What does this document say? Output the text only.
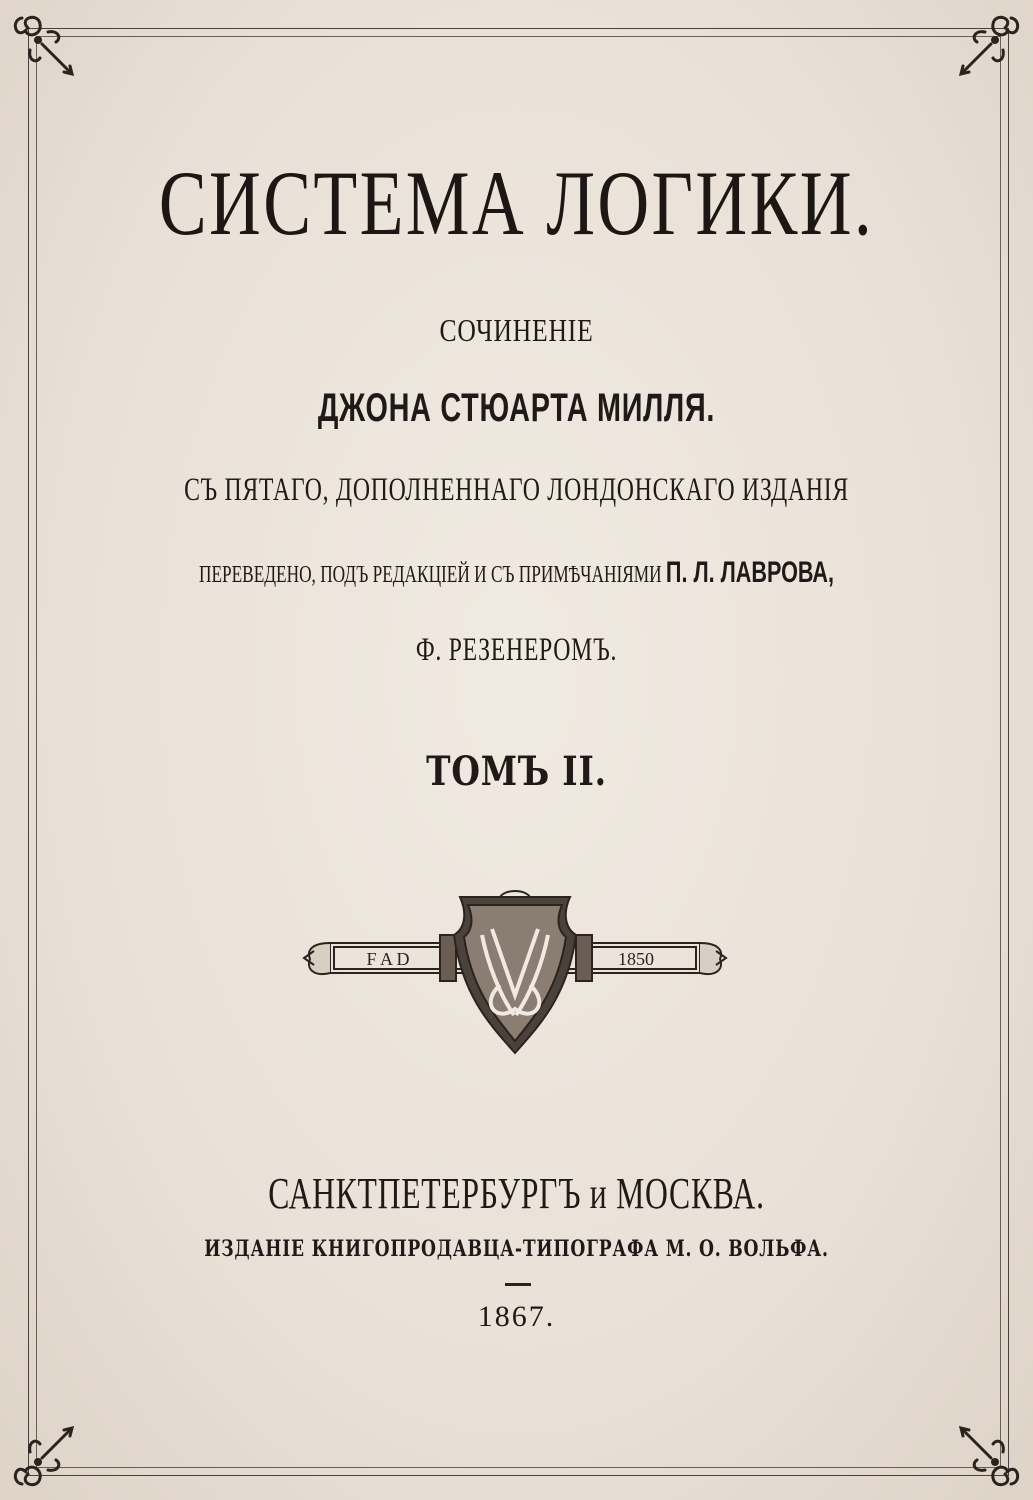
СИСТЕМА ЛОГИКИ.
СОЧИНЕНІЕ
ДЖОНА СТЮАРТА МИЛЛЯ.
СЪ ПЯТАГО, ДОПОЛНЕННАГО ЛОНДОНСКАГО ИЗДАНІЯ
ПЕРЕВЕДЕНО, ПОДЪ РЕДАКЦІЕЙ И СЪ ПРИМѢЧАНІЯМИ П. Л. ЛАВРОВА,
Ф. РЕЗЕНЕРОМЪ.
ТОМЪ II.
F A D	1850
САНКТПЕТЕРБУРГЪ и МОСКВА.
ИЗДАНІЕ КНИГОПРОДАВЦА-ТИПОГРАФА М. О. ВОЛЬФА.
1867.
